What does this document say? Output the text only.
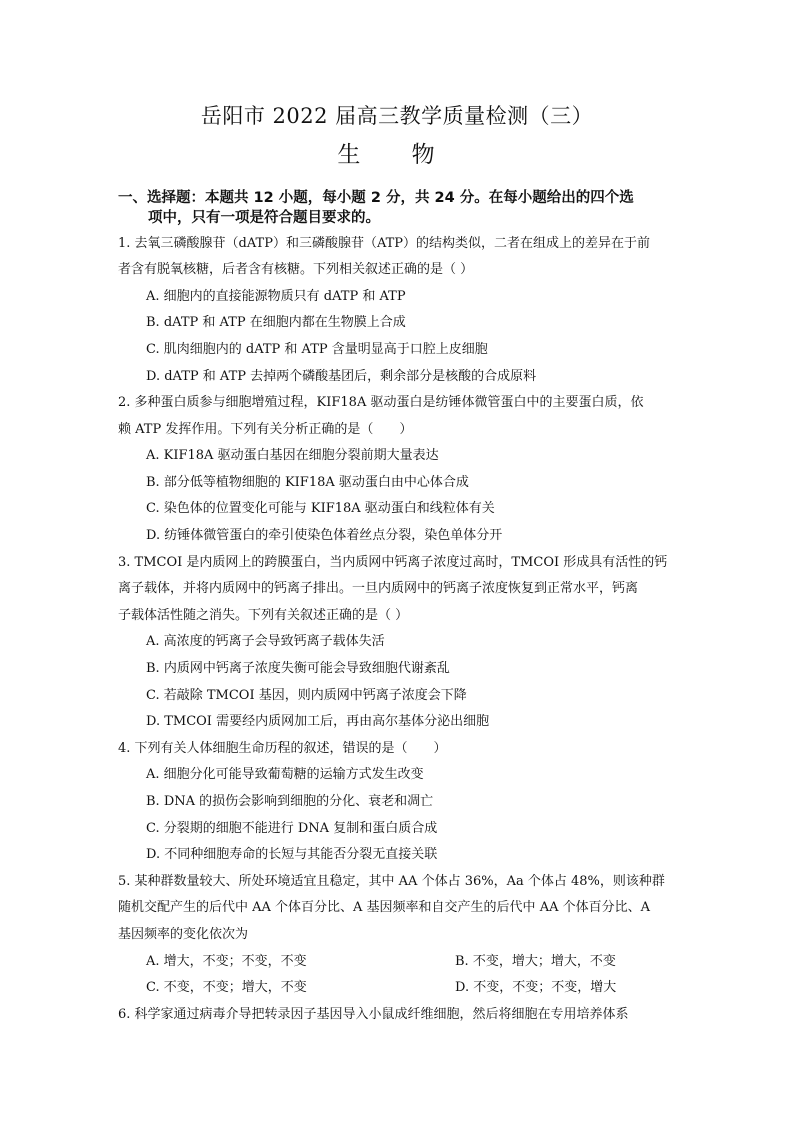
岳阳市 2022 届高三教学质量检测（三）
生 物
一、选择题：本题共 12 小题，每小题 2 分，共 24 分。在每小题给出的四个选
项中，只有一项是符合题目要求的。
1. 去氧三磷酸腺苷（dATP）和三磷酸腺苷（ATP）的结构类似，二者在组成上的差异在于前
者含有脱氧核糖，后者含有核糖。下列相关叙述正确的是（ ）
A. 细胞内的直接能源物质只有 dATP 和 ATP
B. dATP 和 ATP 在细胞内都在生物膜上合成
C. 肌肉细胞内的 dATP 和 ATP 含量明显高于口腔上皮细胞
D. dATP 和 ATP 去掉两个磷酸基团后，剩余部分是核酸的合成原料
2. 多种蛋白质参与细胞增殖过程，KIF18A 驱动蛋白是纺锤体微管蛋白中的主要蛋白质，依
赖 ATP 发挥作用。下列有关分析正确的是（　　）
A. KIF18A 驱动蛋白基因在细胞分裂前期大量表达
B. 部分低等植物细胞的 KIF18A 驱动蛋白由中心体合成
C. 染色体的位置变化可能与 KIF18A 驱动蛋白和线粒体有关
D. 纺锤体微管蛋白的牵引使染色体着丝点分裂，染色单体分开
3. TMCOI 是内质网上的跨膜蛋白，当内质网中钙离子浓度过高时，TMCOI 形成具有活性的钙
离子载体，并将内质网中的钙离子排出。一旦内质网中的钙离子浓度恢复到正常水平，钙离
子载体活性随之消失。下列有关叙述正确的是（ ）
A. 高浓度的钙离子会导致钙离子载体失活
B. 内质网中钙离子浓度失衡可能会导致细胞代谢紊乱
C. 若敲除 TMCOI 基因，则内质网中钙离子浓度会下降
D. TMCOI 需要经内质网加工后，再由高尔基体分泌出细胞
4. 下列有关人体细胞生命历程的叙述，错误的是（　　）
A. 细胞分化可能导致葡萄糖的运输方式发生改变
B. DNA 的损伤会影响到细胞的分化、衰老和凋亡
C. 分裂期的细胞不能进行 DNA 复制和蛋白质合成
D. 不同种细胞寿命的长短与其能否分裂无直接关联
5. 某种群数量较大、所处环境适宜且稳定，其中 AA 个体占 36%，Aa 个体占 48%，则该种群
随机交配产生的后代中 AA 个体百分比、A 基因频率和自交产生的后代中 AA 个体百分比、A
基因频率的变化依次为
A. 增大，不变；不变，不变	B. 不变，增大；增大，不变
C. 不变，不变；增大，不变	D. 不变，不变；不变，增大
6. 科学家通过病毒介导把转录因子基因导入小鼠成纤维细胞，然后将细胞在专用培养体系
